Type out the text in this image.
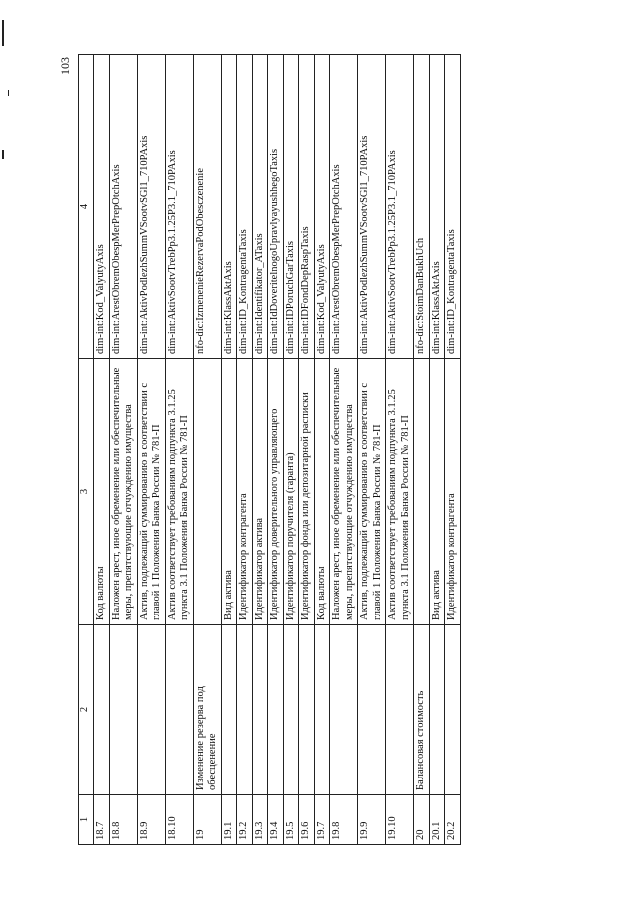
103
1	2	3	4
18.7		Код валюты	dim-int:Kod_ValyutyAxis
18.8		Наложен арест, иное обременение или обеспечительные меры, препятствующие отчуждению имущества	dim-int:ArestObremObespMerPrepOtchAxis
18.9		Актив, подлежащий суммированию в соответствии с главой 1 Положения Банка России № 781-П	dim-int:AktivPodlezhSummVSootvSGl1_710PAxis
18.10		Актив соответствует требованиям подпункта 3.1.25 пункта 3.1 Положения Банка России № 781-П	dim-int:AktivSootvTrebPp3.1.25P3.1_710PAxis
19	Изменение резерва под обесценение		nfo-dic:IzmenenieRezervaPodObesczenenie
19.1		Вид актива	dim-int:KlassAktAxis
19.2		Идентификатор контрагента	dim-int:ID_KontragentaTaxis
19.3		Идентификатор актива	dim-int:Identifikator_ATaxis
19.4		Идентификатор доверительного управляющего	dim-int:IdDoveritelnogoUpravlyayushhegoTaxis
19.5		Идентификатор поручителя (гаранта)	dim-int:IDPoruchGarTaxis
19.6		Идентификатор фонда или депозитарной расписки	dim-int:IDFondDepRaspTaxis
19.7		Код валюты	dim-int:Kod_ValyutyAxis
19.8		Наложен арест, иное обременение или обеспечительные меры, препятствующие отчуждению имущества	dim-int:ArestObremObespMerPrepOtchAxis
19.9		Актив, подлежащий суммированию в соответствии с главой 1 Положения Банка России № 781-П	dim-int:AktivPodlezhSummVSootvSGl1_710PAxis
19.10		Актив соответствует требованиям подпункта 3.1.25 пункта 3.1 Положения Банка России № 781-П	dim-int:AktivSootvTrebPp3.1.25P3.1_710PAxis
20	Балансовая стоимость		nfo-dic:StoimDanBukhUch
20.1		Вид актива	dim-int:KlassAktAxis
20.2		Идентификатор контрагента	dim-int:ID_KontragentaTaxis
